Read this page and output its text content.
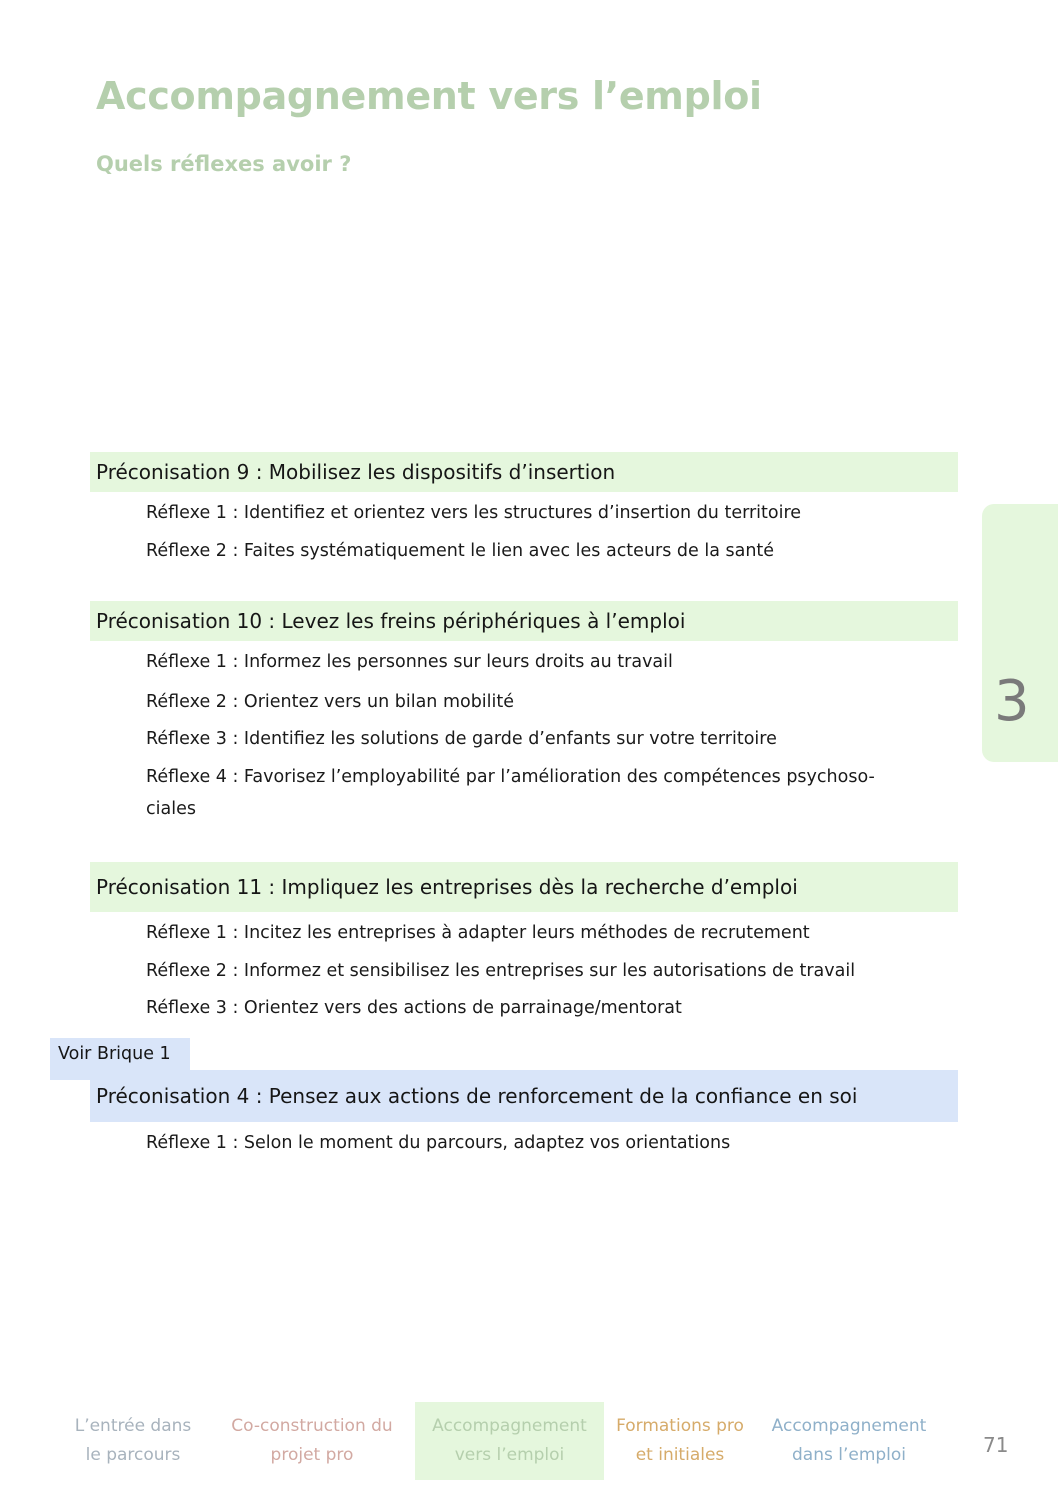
Accompagnement vers l’emploi
Quels réflexes avoir ?
Préconisation 9 : Mobilisez les dispositifs d’insertion
Réflexe 1 : Identifiez et orientez vers les structures d’insertion du territoire
Réflexe 2 : Faites systématiquement le lien avec les acteurs de la santé
Préconisation 10 : Levez les freins périphériques à l’emploi
Réflexe 1 : Informez les personnes sur leurs droits au travail
Réflexe 2 : Orientez vers un bilan mobilité
Réflexe 3 : Identifiez les solutions de garde d’enfants sur votre territoire
Réflexe 4 : Favorisez l’employabilité par l’amélioration des compétences psychoso-
ciales
Préconisation 11 : Impliquez les entreprises dès la recherche d’emploi
Réflexe 1 : Incitez les entreprises à adapter leurs méthodes de recrutement
Réflexe 2 : Informez et sensibilisez les entreprises sur les autorisations de travail
Réflexe 3 : Orientez vers des actions de parrainage/mentorat
Voir Brique 1
Préconisation 4 : Pensez aux actions de renforcement de la confiance en soi
Réflexe 1 : Selon le moment du parcours, adaptez vos orientations
3
L’entrée dans
le parcours
Co-construction du
projet pro
Accompagnement
vers l’emploi
Formations pro
et initiales
Accompagnement
dans l’emploi	71
